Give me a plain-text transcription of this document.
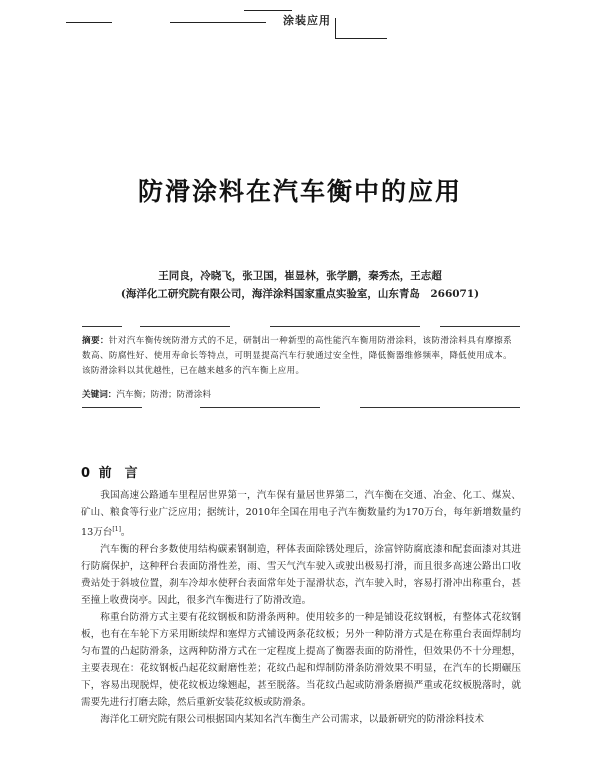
涂装应用
防滑涂料在汽车衡中的应用
王同良，冷晓飞，张卫国，崔显林，张学鹏，秦秀杰，王志超
(海洋化工研究院有限公司，海洋涂料国家重点实验室，山东青岛　266071)
摘要：针对汽车衡传统防滑方式的不足，研制出一种新型的高性能汽车衡用防滑涂料，该防滑涂料具有摩擦系数高、防腐性好、使用寿命长等特点，可明显提高汽车行驶通过安全性，降低衡器维修频率，降低使用成本。该防滑涂料以其优越性，已在越来越多的汽车衡上应用。
关键词：汽车衡；防滑；防滑涂料
0 前　言

我国高速公路通车里程居世界第一，汽车保有量居世界第二，汽车衡在交通、冶金、化工、煤炭、矿山、粮食等行业广泛应用；据统计，2010年全国在用电子汽车衡数量约为170万台，每年新增数量约13万台[1]。

汽车衡的秤台多数使用结构碳素钢制造，秤体表面除锈处理后，涂富锌防腐底漆和配套面漆对其进行防腐保护，这种秤台表面防滑性差，雨、雪天气汽车驶入或驶出极易打滑，而且很多高速公路出口收费站处于斜坡位置，刹车冷却水使秤台表面常年处于湿滑状态，汽车驶入时，容易打滑冲出称重台，甚至撞上收费岗亭。因此，很多汽车衡进行了防滑改造。

称重台防滑方式主要有花纹钢板和防滑条两种。使用较多的一种是铺设花纹钢板，有整体式花纹钢板，也有在车轮下方采用断续焊和塞焊方式铺设两条花纹板；另外一种防滑方式是在称重台表面焊制均匀布置的凸起防滑条，这两种防滑方式在一定程度上提高了衡器表面的防滑性，但效果仍不十分理想，主要表现在：花纹钢板凸起花纹耐磨性差；花纹凸起和焊制防滑条防滑效果不明显，在汽车的长期碾压下，容易出现脱焊，使花纹板边缘翘起，甚至脱落。当花纹凸起或防滑条磨损严重或花纹板脱落时，就需要先进行打磨去除，然后重新安装花纹板或防滑条。

海洋化工研究院有限公司根据国内某知名汽车衡生产公司需求，以最新研究的防滑涂料技术
